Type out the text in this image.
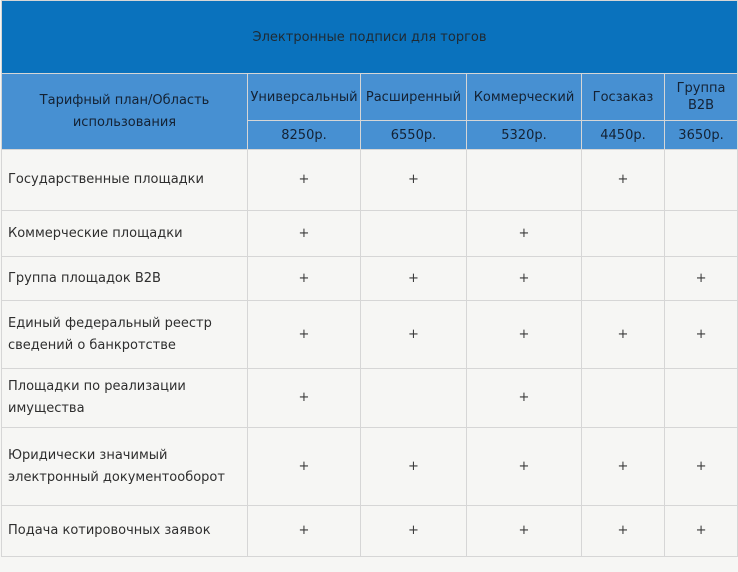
Электронные подписи для торгов					
Тарифный план/Область использования	Универсальный	Расширенный	Коммерческий	Госзаказ	Группа B2B
	8250р.	6550р.	5320р.	4450р.	3650р.
Государственные площадки	+	+		+	
Коммерческие площадки	+		+		
Группа площадок B2B	+	+	+		+
Единый федеральный реестр сведений о банкротстве	+	+	+	+	+
Площадки по реализации имущества	+		+		
Юридически значимый электронный документооборот	+	+	+	+	+
Подача котировочных заявок	+	+	+	+	+
